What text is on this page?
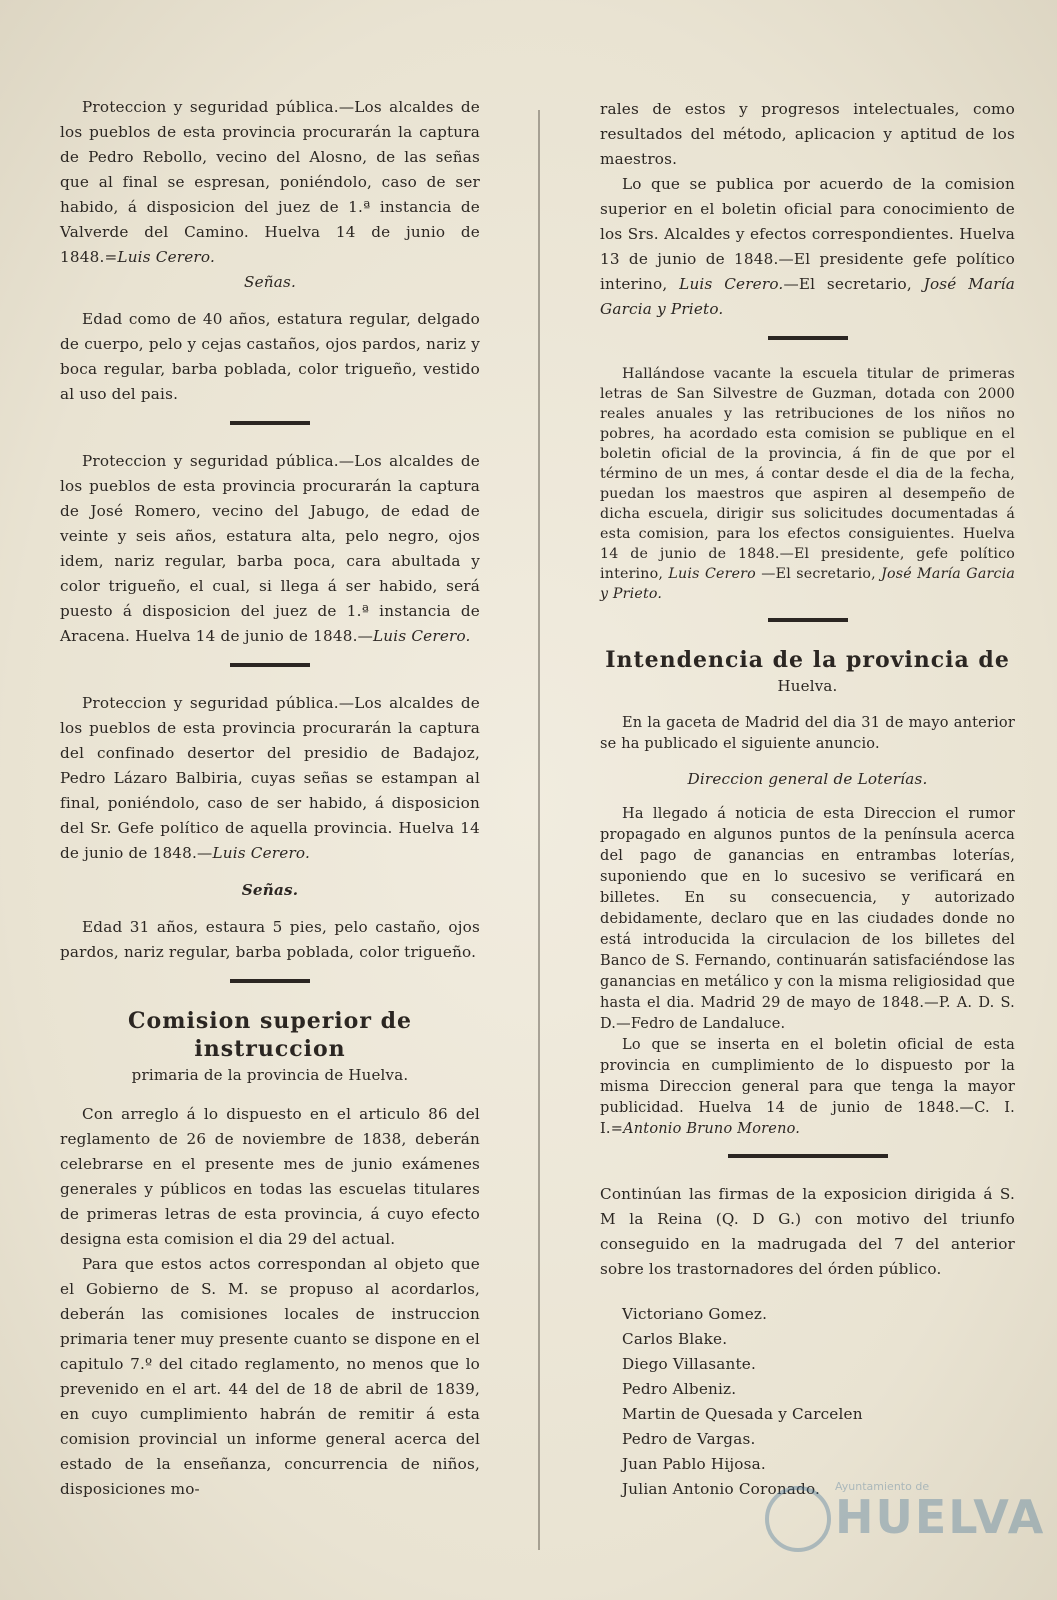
Proteccion y seguridad pública.—Los alcaldes de los pueblos de esta provincia procurarán la captura de Pedro Rebollo, vecino del Alosno, de las señas que al final se espresan, poniéndolo, caso de ser habido, á disposicion del juez de 1.ª instancia de Valverde del Camino. Huelva 14 de junio de 1848.=Luis Cerero.

Señas.

Edad como de 40 años, estatura regular, delgado de cuerpo, pelo y cejas castaños, ojos pardos, nariz y boca regular, barba poblada, color trigueño, vestido al uso del pais.

Proteccion y seguridad pública.—Los alcaldes de los pueblos de esta provincia procurarán la captura de José Romero, vecino del Jabugo, de edad de veinte y seis años, estatura alta, pelo negro, ojos idem, nariz regular, barba poca, cara abultada y color trigueño, el cual, si llega á ser habido, será puesto á disposicion del juez de 1.ª instancia de Aracena. Huelva 14 de junio de 1848.—Luis Cerero.

Proteccion y seguridad pública.—Los alcaldes de los pueblos de esta provincia procurarán la captura del confinado desertor del presidio de Badajoz, Pedro Lázaro Balbiria, cuyas señas se estampan al final, poniéndolo, caso de ser habido, á disposicion del Sr. Gefe político de aquella provincia. Huelva 14 de junio de 1848.—Luis Cerero.

Señas.

Edad 31 años, estaura 5 pies, pelo castaño, ojos pardos, nariz regular, barba poblada, color trigueño.

Comision superior de instruccion
primaria de la provincia de Huelva.

Con arreglo á lo dispuesto en el articulo 86 del reglamento de 26 de noviembre de 1838, deberán celebrarse en el presente mes de junio exámenes generales y públicos en todas las escuelas titulares de primeras letras de esta provincia, á cuyo efecto designa esta comision el dia 29 del actual.

Para que estos actos correspondan al objeto que el Gobierno de S. M. se propuso al acordarlos, deberán las comisiones locales de instruccion primaria tener muy presente cuanto se dispone en el capitulo 7.º del citado reglamento, no menos que lo prevenido en el art. 44 del de 18 de abril de 1839, en cuyo cumplimiento habrán de remitir á esta comision provincial un informe general acerca del estado de la enseñanza, concurrencia de niños, disposiciones mo-

rales de estos y progresos intelectuales, como resultados del método, aplicacion y aptitud de los maestros.

Lo que se publica por acuerdo de la comision superior en el boletin oficial para conocimiento de los Srs. Alcaldes y efectos correspondientes. Huelva 13 de junio de 1848.—El presidente gefe político interino, Luis Cerero.—El secretario, José María Garcia y Prieto.

Hallándose vacante la escuela titular de primeras letras de San Silvestre de Guzman, dotada con 2000 reales anuales y las retribuciones de los niños no pobres, ha acordado esta comision se publique en el boletin oficial de la provincia, á fin de que por el término de un mes, á contar desde el dia de la fecha, puedan los maestros que aspiren al desempeño de dicha escuela, dirigir sus solicitudes documentadas á esta comision, para los efectos consiguientes. Huelva 14 de junio de 1848.—El presidente, gefe político interino, Luis Cerero —El secretario, José María Garcia y Prieto.

Intendencia de la provincia de
Huelva.

En la gaceta de Madrid del dia 31 de mayo anterior se ha publicado el siguiente anuncio.

Direccion general de Loterías.

Ha llegado á noticia de esta Direccion el rumor propagado en algunos puntos de la península acerca del pago de ganancias en entrambas loterías, suponiendo que en lo sucesivo se verificará en billetes. En su consecuencia, y autorizado debidamente, declaro que en las ciudades donde no está introducida la circulacion de los billetes del Banco de S. Fernando, continuarán satisfaciéndose las ganancias en metálico y con la misma religiosidad que hasta el dia. Madrid 29 de mayo de 1848.—P. A. D. S. D.—Fedro de Landaluce.

Lo que se inserta en el boletin oficial de esta provincia en cumplimiento de lo dispuesto por la misma Direccion general para que tenga la mayor publicidad. Huelva 14 de junio de 1848.—C. I. I.=Antonio Bruno Moreno.

Continúan las firmas de la exposicion dirigida á S. M la Reina (Q. D G.) con motivo del triunfo conseguido en la madrugada del 7 del anterior sobre los trastornadores del órden público.

Victoriano Gomez.

Carlos Blake.

Diego Villasante.

Pedro Albeniz.

Martin de Quesada y Carcelen

Pedro de Vargas.

Juan Pablo Hijosa.

Julian Antonio Coronado.	Ayuntamiento de
HUELVA
